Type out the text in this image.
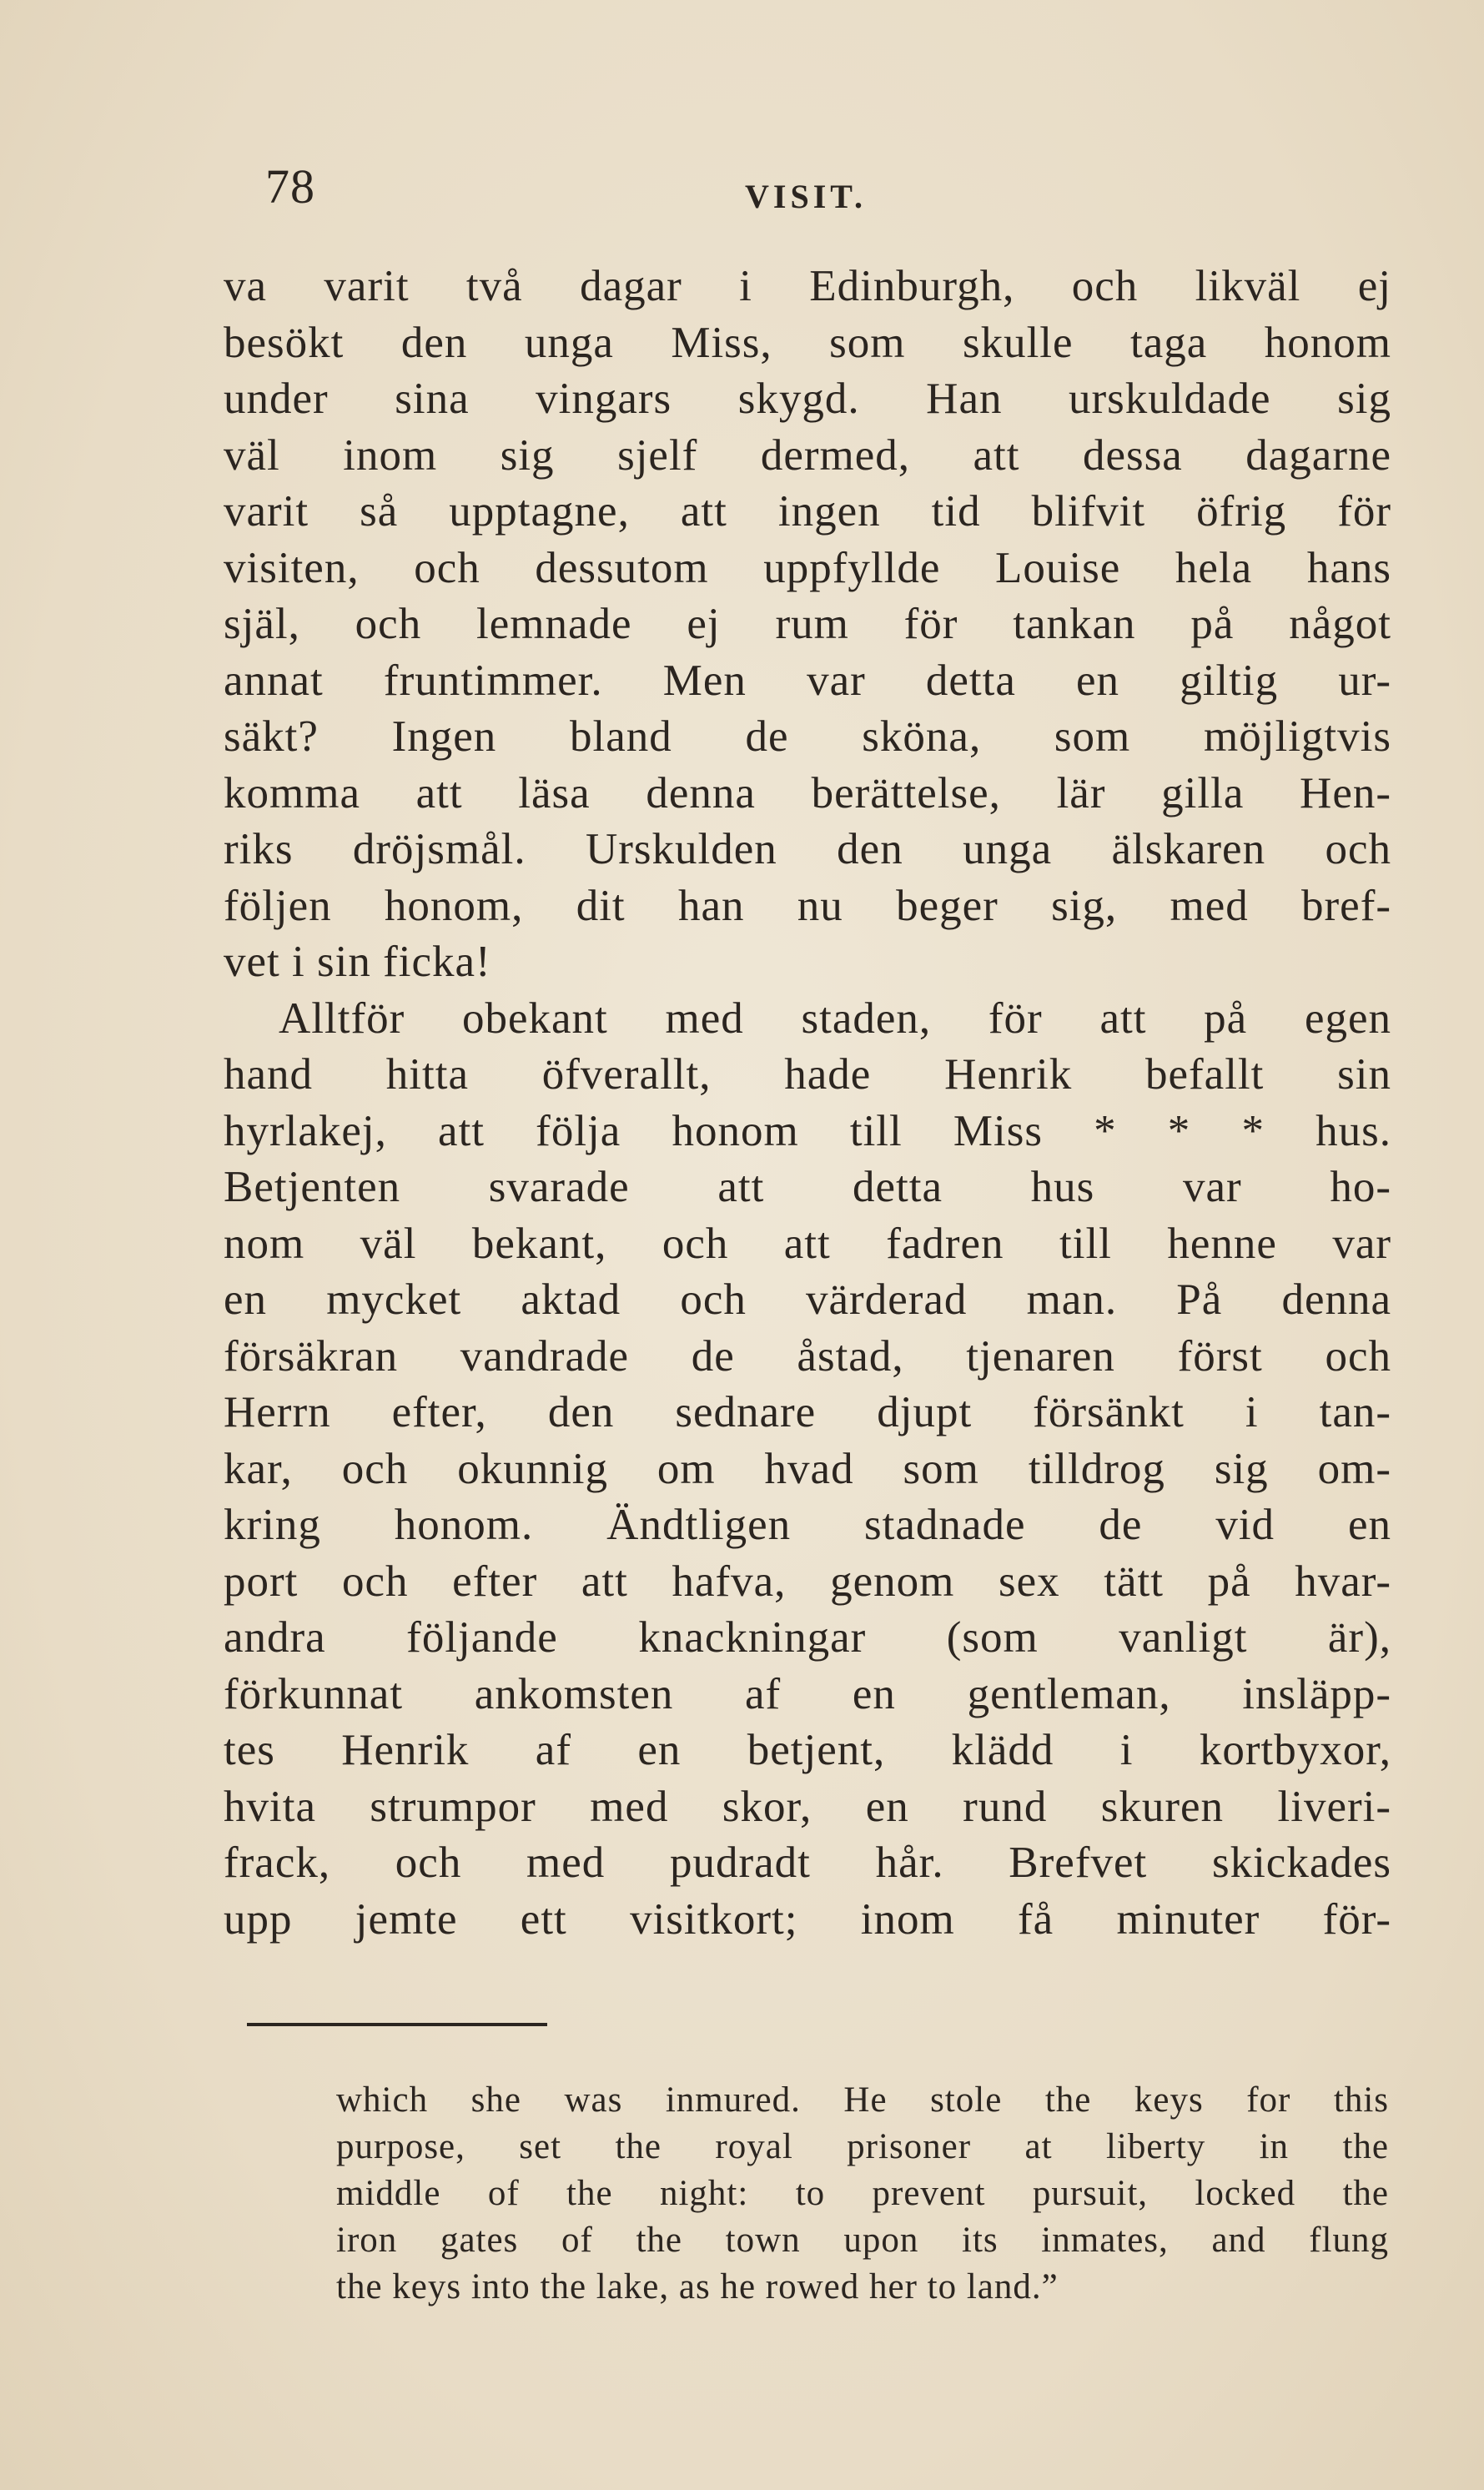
78	VISIT.
va varit två dagar i Edinburgh, och likväl ej
besökt den unga Miss, som skulle taga honom
under sina vingars skygd. Han urskuldade sig
väl inom sig sjelf dermed, att dessa dagarne
varit så upptagne, att ingen tid blifvit öfrig för
visiten, och dessutom uppfyllde Louise hela hans
själ, och lemnade ej rum för tankan på något
annat fruntimmer. Men var detta en giltig ur-
säkt? Ingen bland de sköna, som möjligtvis
komma att läsa denna berättelse, lär gilla Hen-
riks dröjsmål. Urskulden den unga älskaren och
följen honom, dit han nu beger sig, med bref-
vet i sin ficka!
Alltför obekant med staden, för att på egen
hand hitta öfverallt, hade Henrik befallt sin
hyrlakej, att följa honom till Miss * * * hus.
Betjenten svarade att detta hus var ho-
nom väl bekant, och att fadren till henne var
en mycket aktad och värderad man. På denna
försäkran vandrade de åstad, tjenaren först och
Herrn efter, den sednare djupt försänkt i tan-
kar, och okunnig om hvad som tilldrog sig om-
kring honom. Ändtligen stadnade de vid en
port och efter att hafva, genom sex tätt på hvar-
andra följande knackningar (som vanligt är),
förkunnat ankomsten af en gentleman, insläpp-
tes Henrik af en betjent, klädd i kortbyxor,
hvita strumpor med skor, en rund skuren liveri-
frack, och med pudradt hår. Brefvet skickades
upp jemte ett visitkort; inom få minuter för-
which she was inmured. He stole the keys for this
purpose, set the royal prisoner at liberty in the
middle of the night: to prevent pursuit, locked the
iron gates of the town upon its inmates, and flung
the keys into the lake, as he rowed her to land.”
